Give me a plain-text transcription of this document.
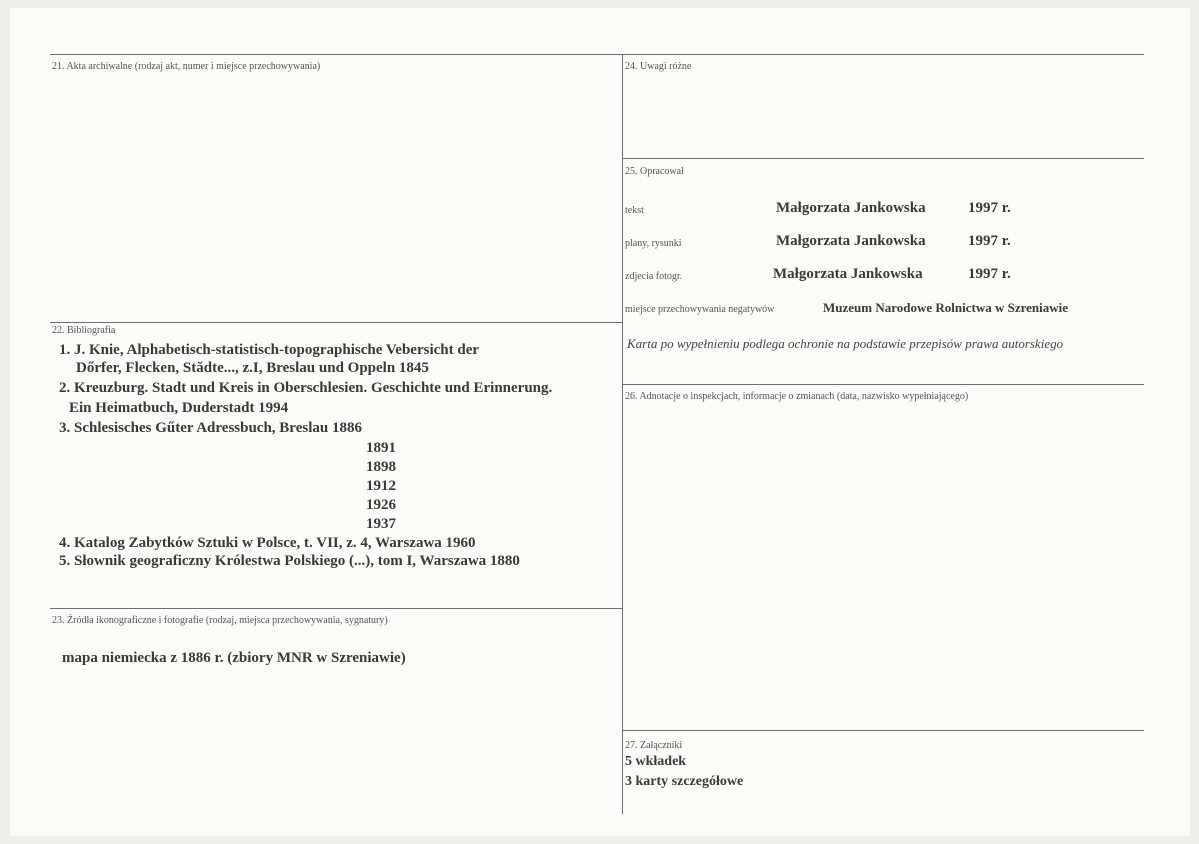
21. Akta archiwalne (rodzaj akt, numer i miejsce przechowywania)
22. Bibliografia
1. J. Knie, Alphabetisch-statistisch-topographische Vebersicht der
Dőrfer, Flecken, Stădte..., z.I, Breslau und Oppeln 1845
2. Kreuzburg. Stadt und Kreis in Oberschlesien. Geschichte und Erinnerung.
Ein Heimatbuch, Duderstadt 1994
3. Schlesisches Gűter Adressbuch, Breslau 1886
1891
1898
1912
1926
1937
4. Katalog Zabytków Sztuki w Polsce, t. VII, z. 4, Warszawa 1960
5. Słownik geograficzny Królestwa Polskiego (...), tom I, Warszawa 1880
23. Źródła ikonograficzne i fotografie (rodzaj, miejsca przechowywania, sygnatury)
mapa niemiecka z 1886 r. (zbiory MNR w Szreniawie)
24. Uwagi różne
25. Opracował
tekst	Małgorzata Jankowska	1997 r.
plany, rysunki	Małgorzata Jankowska	1997 r.
zdjecia fotogr.	Małgorzata Jankowska	1997 r.
miejsce przechowywania negatywów	Muzeum Narodowe Rolnictwa w Szreniawie
Karta po wypełnieniu podlega ochronie na podstawie przepisów prawa autorskiego
26. Adnotacje o inspekcjach, informacje o zmianach (data, nazwisko wypełniającego)
27. Załączniki
5 wkładek
3 karty szczegółowe
